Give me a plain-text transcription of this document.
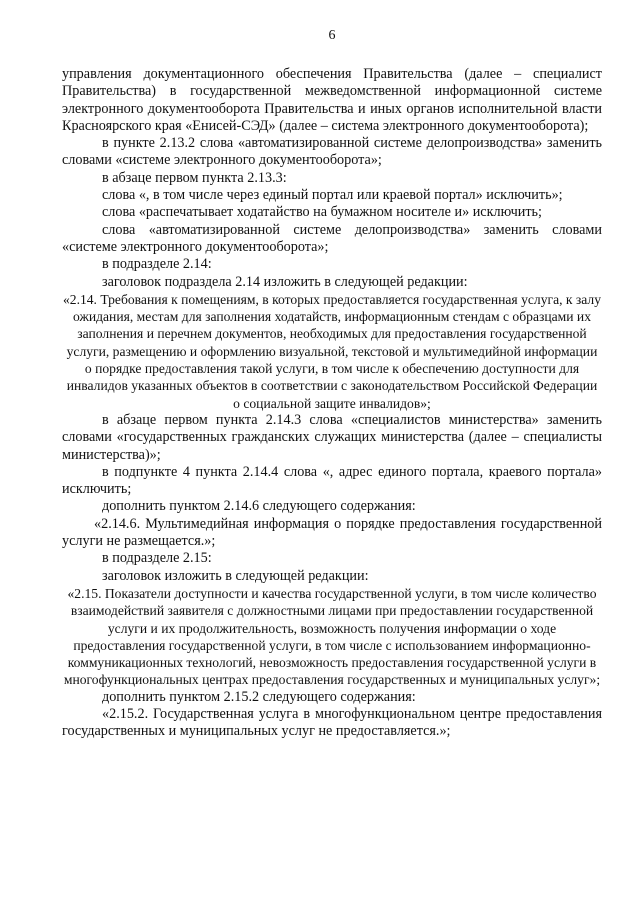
6

управления документационного обеспечения Правительства (далее – специалист Правительства) в государственной межведомственной информационной системе электронного документооборота Правительства и иных органов исполнительной власти Красноярского края «Енисей-СЭД» (далее – система электронного документооборота);

в пункте 2.13.2 слова «автоматизированной системе делопроизводства» заменить словами «системе электронного документооборота»;

в абзаце первом пункта 2.13.3:

слова «, в том числе через единый портал или краевой портал» исключить»;

слова «распечатывает ходатайство на бумажном носителе и» исключить;

слова «автоматизированной системе делопроизводства» заменить словами «системе электронного документооборота»;

в подразделе 2.14:

заголовок подраздела 2.14 изложить в следующей редакции:

«2.14. Требования к помещениям, в которых предоставляется государственная услуга, к залу ожидания, местам для заполнения ходатайств, информационным стендам с образцами их заполнения и перечнем документов, необходимых для предоставления государственной услуги, размещению и оформлению визуальной, текстовой и мультимедийной информации о порядке предоставления такой услуги, в том числе к обеспечению доступности для инвалидов указанных объектов в соответствии с законодательством Российской Федерации о социальной защите инвалидов»;

в абзаце первом пункта 2.14.3 слова «специалистов министерства» заменить словами «государственных гражданских служащих министерства (далее – специалисты министерства)»;

в подпункте 4 пункта 2.14.4 слова «, адрес единого портала, краевого портала» исключить;

дополнить пунктом 2.14.6 следующего содержания:

«2.14.6. Мультимедийная информация о порядке предоставления государственной услуги не размещается.»;

в подразделе 2.15:

заголовок изложить в следующей редакции:

«2.15. Показатели доступности и качества государственной услуги, в том числе количество взаимодействий заявителя с должностными лицами при предоставлении государственной услуги и их продолжительность, возможность получения информации о ходе предоставления государственной услуги, в том числе с использованием информационно-коммуникационных технологий, невозможность предоставления государственной услуги в многофункциональных центрах предоставления государственных и муниципальных услуг»;

дополнить пунктом 2.15.2 следующего содержания:

«2.15.2. Государственная услуга в многофункциональном центре предоставления государственных и муниципальных услуг не предоставляется.»;
